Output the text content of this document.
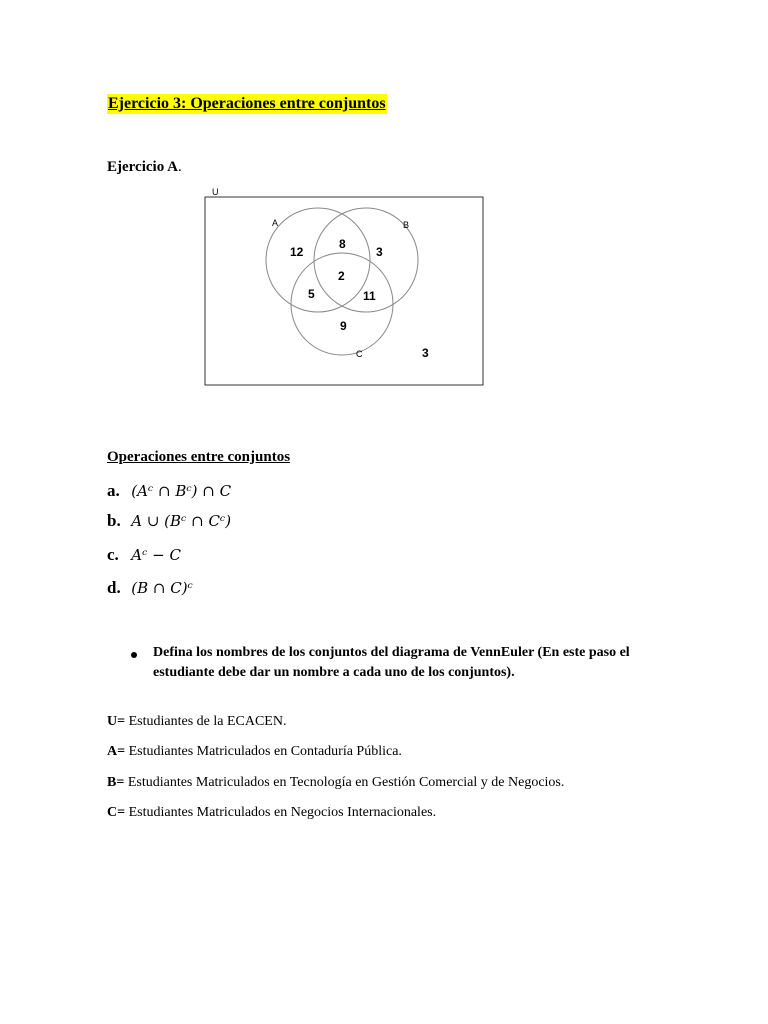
Ejercicio 3: Operaciones entre conjuntos
Ejercicio A.
U
A	B
C
12
8
3
2
5	11
9
3
Operaciones entre conjuntos
a. (Aᶜ ∩ Bᶜ) ∩ C
b. A ∪ (Bᶜ ∩ Cᶜ)
c. Aᶜ − C
d. (B ∩ C)ᶜ
Defina los nombres de los conjuntos del diagrama de VennEuler (En este paso el estudiante debe dar un nombre a cada uno de los conjuntos).
U= Estudiantes de la ECACEN.
A= Estudiantes Matriculados en Contaduría Pública.
B= Estudiantes Matriculados en Tecnología en Gestión Comercial y de Negocios.
C= Estudiantes Matriculados en Negocios Internacionales.
